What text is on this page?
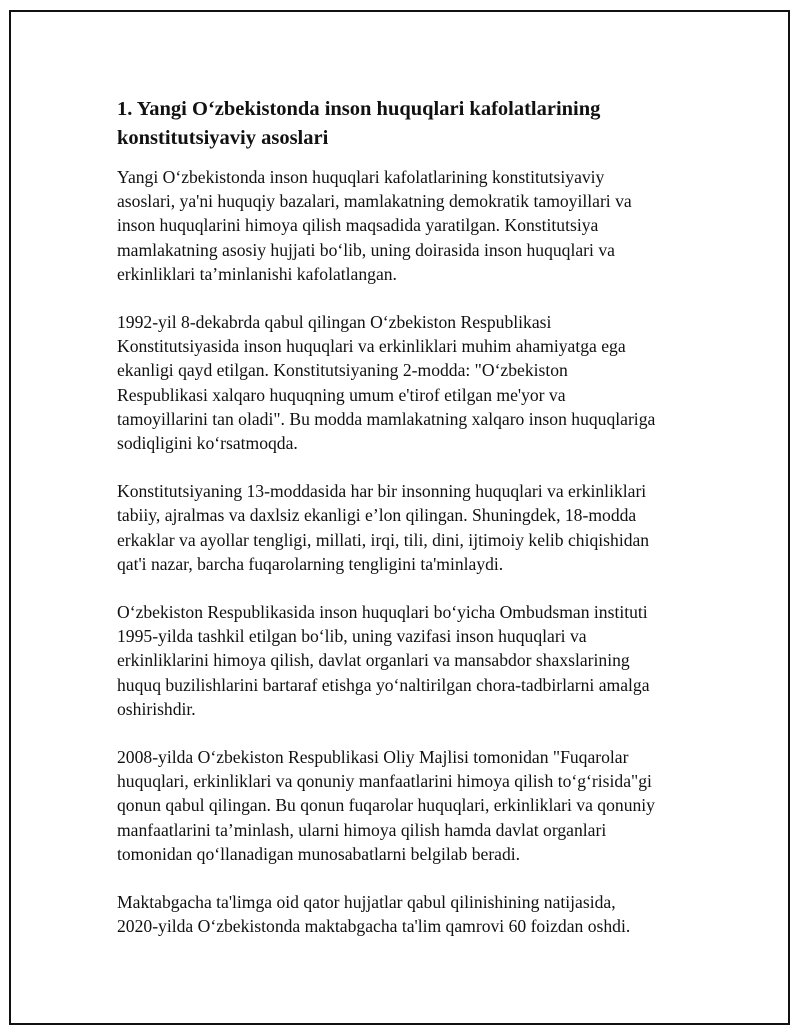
1. Yangi O‘zbekistonda inson huquqlari kafolatlarining
konstitutsiyaviy asoslari

Yangi O‘zbekistonda inson huquqlari kafolatlarining konstitutsiyaviy
asoslari, ya'ni huquqiy bazalari, mamlakatning demokratik tamoyillari va
inson huquqlarini himoya qilish maqsadida yaratilgan. Konstitutsiya
mamlakatning asosiy hujjati bo‘lib, uning doirasida inson huquqlari va
erkinliklari ta’minlanishi kafolatlangan.

1992-yil 8-dekabrda qabul qilingan O‘zbekiston Respublikasi
Konstitutsiyasida inson huquqlari va erkinliklari muhim ahamiyatga ega
ekanligi qayd etilgan. Konstitutsiyaning 2-modda: "O‘zbekiston
Respublikasi xalqaro huquqning umum e'tirof etilgan me'yor va
tamoyillarini tan oladi". Bu modda mamlakatning xalqaro inson huquqlariga
sodiqligini ko‘rsatmoqda.

Konstitutsiyaning 13-moddasida har bir insonning huquqlari va erkinliklari
tabiiy, ajralmas va daxlsiz ekanligi e’lon qilingan. Shuningdek, 18-modda
erkaklar va ayollar tengligi, millati, irqi, tili, dini, ijtimoiy kelib chiqishidan
qat'i nazar, barcha fuqarolarning tengligini ta'minlaydi.

O‘zbekiston Respublikasida inson huquqlari bo‘yicha Ombudsman instituti
1995-yilda tashkil etilgan bo‘lib, uning vazifasi inson huquqlari va
erkinliklarini himoya qilish, davlat organlari va mansabdor shaxslarining
huquq buzilishlarini bartaraf etishga yo‘naltirilgan chora-tadbirlarni amalga
oshirishdir.

2008-yilda O‘zbekiston Respublikasi Oliy Majlisi tomonidan "Fuqarolar
huquqlari, erkinliklari va qonuniy manfaatlarini himoya qilish to‘g‘risida"gi
qonun qabul qilingan. Bu qonun fuqarolar huquqlari, erkinliklari va qonuniy
manfaatlarini ta’minlash, ularni himoya qilish hamda davlat organlari
tomonidan qo‘llanadigan munosabatlarni belgilab beradi.

Maktabgacha ta'limga oid qator hujjatlar qabul qilinishining natijasida,
2020-yilda O‘zbekistonda maktabgacha ta'lim qamrovi 60 foizdan oshdi.
